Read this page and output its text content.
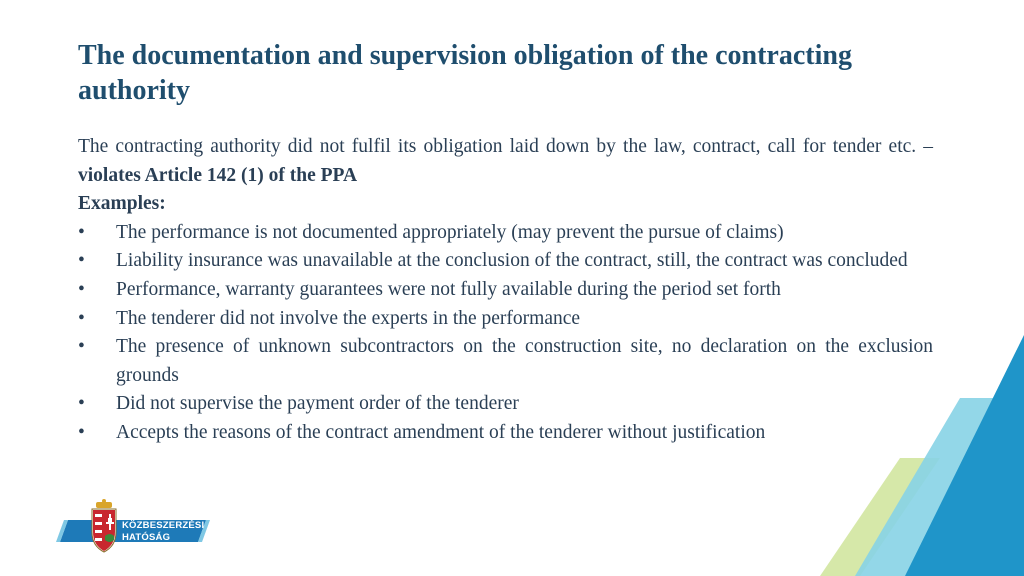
The documentation and supervision obligation of the contracting authority

The contracting authority did not fulfil its obligation laid down by the law, contract, call for tender etc. – violates Article 142 (1) of the PPA

Examples:

• The performance is not documented appropriately (may prevent the pursue of claims)
• Liability insurance was unavailable at the conclusion of the contract, still, the contract was concluded
• Performance, warranty guarantees were not fully available during the period set forth
• The tenderer did not involve the experts in the performance
• The presence of unknown subcontractors on the construction site, no declaration on the exclusion grounds
• Did not supervise the payment order of the tenderer
• Accepts the reasons of the contract amendment of the tenderer without justification
KÖZBESZERZÉSI
HATÓSÁG
